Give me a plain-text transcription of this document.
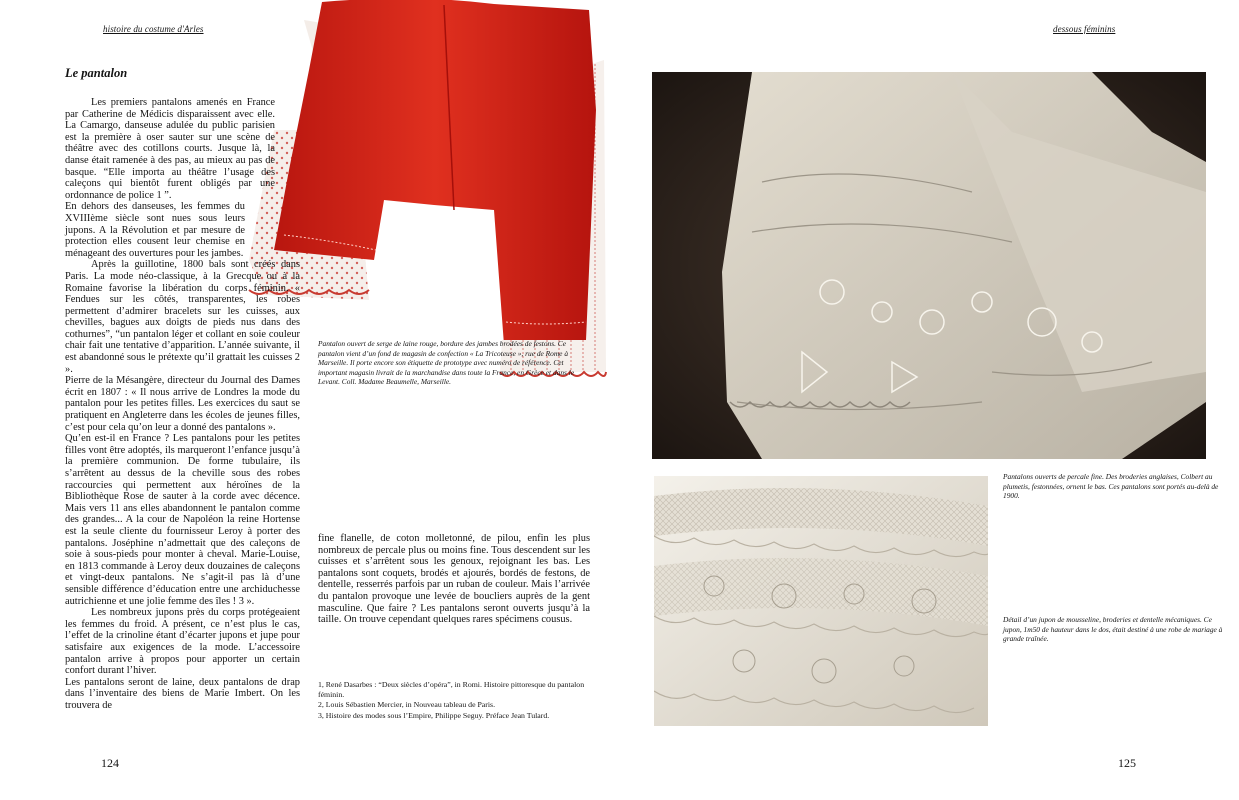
histoire du costume d'Arles
Le pantalon

Les premiers pantalons amenés en France par Catherine de Médicis disparaissent avec elle. La Camargo, danseuse adulée du public parisien est la première à oser sauter sur une scène de théâtre avec des cotillons courts. Jusque là, la danse était ramenée à des pas, au mieux au pas de basque. “Elle importa au théâtre l’usage des caleçons qui bientôt furent obligés par une ordonnance de police 1 ”.

En dehors des danseuses, les femmes du XVIIIème siècle sont nues sous leurs jupons. A la Révolution et par mesure de protection elles cousent leur chemise en ménageant des ouvertures pour les jambes.

Après la guillotine, 1800 bals sont créés dans Paris. La mode néo-classique, à la Grecque ou à la Romaine favorise la libération du corps féminin. « Fendues sur les côtés, transparentes, les robes permettent d’admirer bracelets sur les cuisses, aux chevilles, bagues aux doigts de pieds nus dans des cothurnes”, “un pantalon léger et collant en soie couleur chair fait une tentative d’apparition. L’année suivante, il est abandonné sous le prétexte qu’il grattait les cuisses 2 ».

Pierre de la Mésangère, directeur du Journal des Dames écrit en 1807 : « Il nous arrive de Londres la mode du pantalon pour les petites filles. Les exercices du saut se pratiquent en Angleterre dans les écoles de jeunes filles, c’est pour cela qu’on leur a donné des pantalons ».

Qu’en est-il en France ? Les pantalons pour les petites filles vont être adoptés, ils marqueront l’enfance jusqu’à la première communion. De forme tubulaire, ils s’arrêtent au dessus de la cheville sous des robes raccourcies qui permettent aux héroïnes de la Bibliothèque Rose de sauter à la corde avec décence. Mais vers 11 ans elles abandonnent le pantalon comme des grandes... A la cour de Napoléon la reine Hortense est la seule cliente du fournisseur Leroy à porter des pantalons. Joséphine n’admettait que des caleçons de soie à sous-pieds pour monter à cheval. Marie-Louise, en 1813 commande à Leroy deux douzaines de caleçons et vingt-deux pantalons. Ne s’agit-il pas là d’une sensible différence d’éducation entre une archiduchesse autrichienne et une jolie femme des îles ! 3 ».

Les nombreux jupons près du corps protégeaient les femmes du froid. A présent, ce n’est plus le cas, l’effet de la crinoline étant d’écarter jupons et jupe pour satisfaire aux exigences de la mode. L’accessoire pantalon arrive à propos pour apporter un certain confort durant l’hiver.

Les pantalons seront de laine, deux pantalons de drap dans l’inventaire des biens de Marie Imbert. On les trouvera de

Pantalon ouvert de serge de laine rouge, bordure des jambes brodées de festons. Ce pantalon vient d’un fond de magasin de confection « La Tricoteuse », rue de Rome à Marseille. Il porte encore son étiquette de prototype avec numéro de référence. Cet important magasin livrait de la marchandise dans toute la France, en Grèce et dans le Levant. Coll. Madame Beaumelle, Marseille.
fine flanelle, de coton molletonné, de pilou, enfin les plus nombreux de percale plus ou moins fine. Tous descendent sur les cuisses et s’arrêtent sous les genoux, rejoignant les bas. Les pantalons sont coquets, brodés et ajourés, bordés de festons, de dentelle, resserrés parfois par un ruban de couleur. Mais l’arrivée du pantalon provoque une levée de boucliers auprès de la gent masculine. Que faire ? Les pantalons seront ouverts jusqu’à la taille. On trouve cependant quelques rares spécimens cousus.
1, René Dasarbes : “Deux siècles d’opéra”, in Romi. Histoire pittoresque du pantalon féminin.
2, Louis Sébastien Mercier, in Nouveau tableau de Paris.
3, Histoire des modes sous l’Empire, Philippe Seguy. Préface Jean Tulard.
124
dessous féminins
Pantalons ouverts de percale fine. Des broderies anglaises, Colbert au plumetis, festonnées, ornent le bas. Ces pantalons sont portés au-delà de 1900.
Détail d’un jupon de mousseline, broderies et dentelle mécaniques. Ce jupon, 1m50 de hauteur dans le dos, était destiné à une robe de mariage à grande traînée.
125
